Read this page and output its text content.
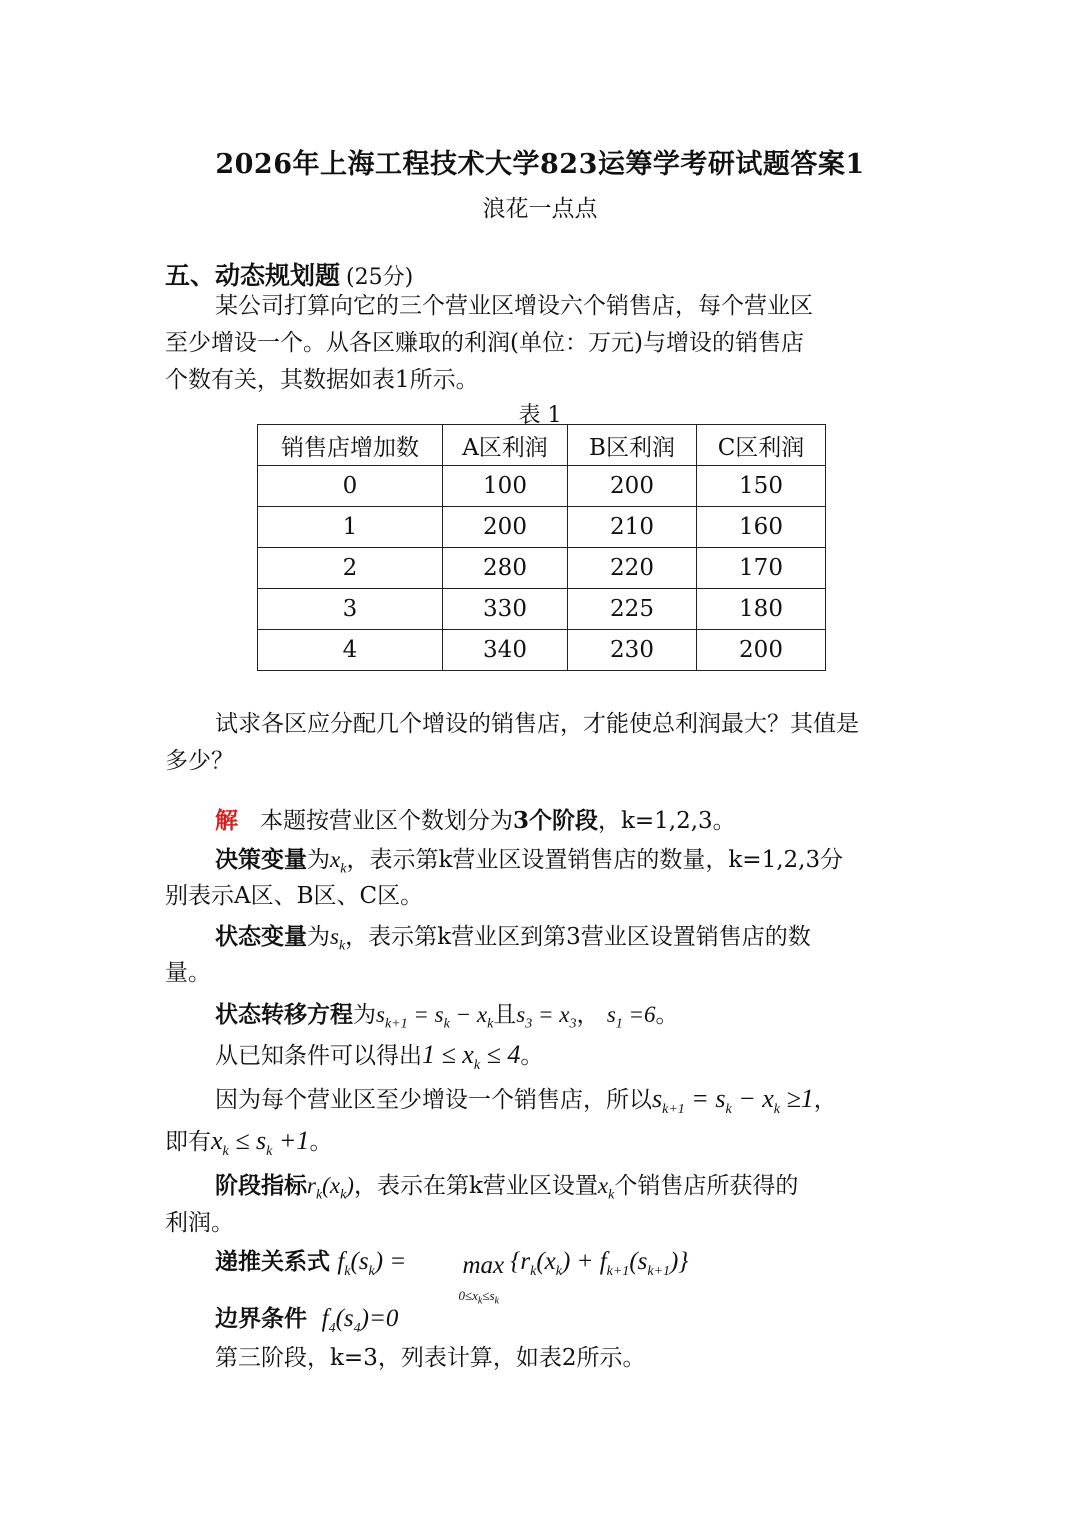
2026年上海工程技术大学823运筹学考研试题答案1
浪花一点点
五、动态规划题 (25分)
某公司打算向它的三个营业区增设六个销售店，每个营业区
至少增设一个。从各区赚取的利润(单位：万元)与增设的销售店
个数有关，其数据如表1所示。
表 1
销售店增加数	A区利润	B区利润	C区利润
0	100	200	150
1	200	210	160
2	280	220	170
3	330	225	180
4	340	230	200
试求各区应分配几个增设的销售店，才能使总利润最大？其值是
多少？
解 本题按营业区个数划分为3个阶段，k=1,2,3。
决策变量为$x_k$，表示第k营业区设置销售店的数量，k=1,2,3分
别表示A区、B区、C区。
状态变量为$s_k$，表示第k营业区到第3营业区设置销售店的数
量。
状态转移方程为$s_{k+1} = s_k - x_k$且$s_3 = x_3$， $s_1 =6$。
从已知条件可以得出$1 \le x_k \le 4$。
因为每个营业区至少增设一个销售店，所以$s_{k+1} = s_k - x_k \ge 1$，
即有$x_k \le s_k +1$。
阶段指标$r_k(x_k)$，表示在第k营业区设置$x_k$个销售店所获得的
利润。
递推关系式 $f_k(s_k) = \max$
$0\le x_k\le s_k$
$\{r_k(x_k) + f_{k+1}(s_{k+1})\}$
边界条件 $f_4(s_4)=0$
第三阶段，k=3，列表计算，如表2所示。
